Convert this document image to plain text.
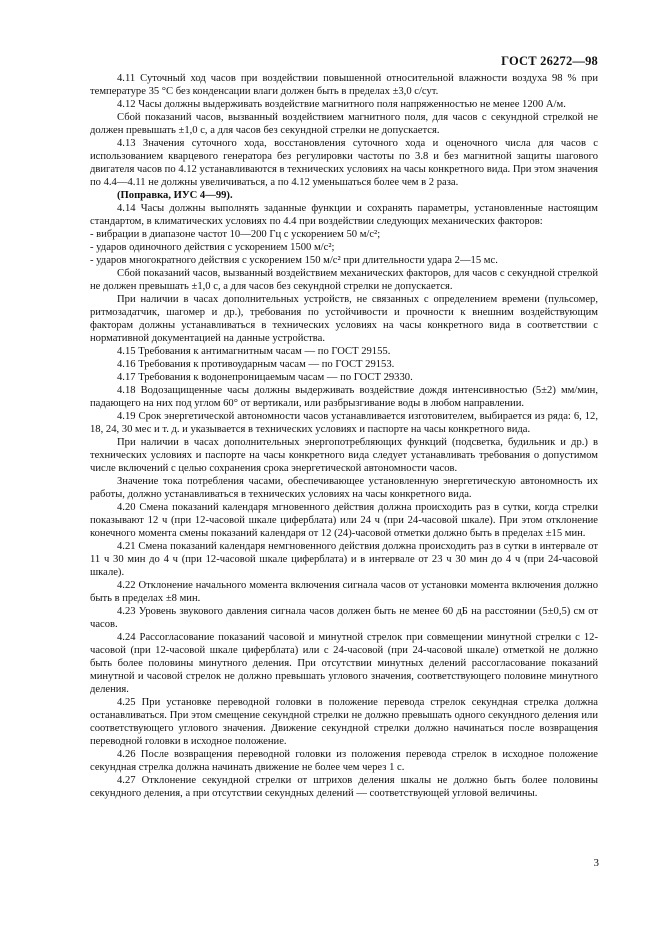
ГОСТ 26272—98

4.11 Суточный ход часов при воздействии повышенной относительной влажности воздуха 98 % при температуре 35 °С без конденсации влаги должен быть в пределах ±3,0 с/сут.

4.12 Часы должны выдерживать воздействие магнитного поля напряженностью не менее 1200 А/м.

Сбой показаний часов, вызванный воздействием магнитного поля, для часов с секундной стрелкой не должен превышать ±1,0 с, а для часов без секундной стрелки не допускается.

4.13 Значения суточного хода, восстановления суточного хода и оценочного числа для часов с использованием кварцевого генератора без регулировки частоты по 3.8 и без магнитной защиты шагового двигателя часов по 4.12 устанавливаются в технических условиях на часы конкретного вида. При этом значения по 4.4—4.11 не должны увеличиваться, а по 4.12 уменьшаться более чем в 2 раза.

(Поправка, ИУС 4—99).

4.14 Часы должны выполнять заданные функции и сохранять параметры, установленные настоящим стандартом, в климатических условиях по 4.4 при воздействии следующих механических факторов:

- вибрации в диапазоне частот 10—200 Гц с ускорением 50 м/с²;

- ударов одиночного действия с ускорением 1500 м/с²;

- ударов многократного действия с ускорением 150 м/с² при длительности удара 2—15 мс.

Сбой показаний часов, вызванный воздействием механических факторов, для часов с секундной стрелкой не должен превышать ±1,0 с, а для часов без секундной стрелки не допускается.

При наличии в часах дополнительных устройств, не связанных с определением времени (пульсомер, ритмозадатчик, шагомер и др.), требования по устойчивости и прочности к внешним воздействующим факторам должны устанавливаться в технических условиях на часы конкретного вида в соответствии с нормативной документацией на данные устройства.

4.15 Требования к антимагнитным часам — по ГОСТ 29155.

4.16 Требования к противоударным часам — по ГОСТ 29153.

4.17 Требования к водонепроницаемым часам — по ГОСТ 29330.

4.18 Водозащищенные часы должны выдерживать воздействие дождя интенсивностью (5±2) мм/мин, падающего на них под углом 60° от вертикали, или разбрызгивание воды в любом направлении.

4.19 Срок энергетической автономности часов устанавливается изготовителем, выбирается из ряда: 6, 12, 18, 24, 30 мес и т. д. и указывается в технических условиях и паспорте на часы конкретного вида.

При наличии в часах дополнительных энергопотребляющих функций (подсветка, будильник и др.) в технических условиях и паспорте на часы конкретного вида следует устанавливать требования о допустимом числе включений с целью сохранения срока энергетической автономности часов.

Значение тока потребления часами, обеспечивающее установленную энергетическую автономность их работы, должно устанавливаться в технических условиях на часы конкретного вида.

4.20 Смена показаний календаря мгновенного действия должна происходить раз в сутки, когда стрелки показывают 12 ч (при 12-часовой шкале циферблата) или 24 ч (при 24-часовой шкале). При этом отклонение конечного момента смены показаний календаря от 12 (24)-часовой отметки должно быть в пределах ±15 мин.

4.21 Смена показаний календаря немгновенного действия должна происходить раз в сутки в интервале от 11 ч 30 мин до 4 ч (при 12-часовой шкале циферблата) и в интервале от 23 ч 30 мин до 4 ч (при 24-часовой шкале).

4.22 Отклонение начального момента включения сигнала часов от установки момента включения должно быть в пределах ±8 мин.

4.23 Уровень звукового давления сигнала часов должен быть не менее 60 дБ на расстоянии (5±0,5) см от часов.

4.24 Рассогласование показаний часовой и минутной стрелок при совмещении минутной стрелки с 12-часовой (при 12-часовой шкале циферблата) или с 24-часовой (при 24-часовой шкале) отметкой не должно быть более половины минутного деления. При отсутствии минутных делений рассогласование показаний минутной и часовой стрелок не должно превышать углового значения, соответствующего половине минутного деления.

4.25 При установке переводной головки в положение перевода стрелок секундная стрелка должна останавливаться. При этом смещение секундной стрелки не должно превышать одного секундного деления или соответствующего углового значения. Движение секундной стрелки должно начинаться после возвращения переводной головки в исходное положение.

4.26 После возвращения переводной головки из положения перевода стрелок в исходное положение секундная стрелка должна начинать движение не более чем через 1 с.

4.27 Отклонение секундной стрелки от штрихов деления шкалы не должно быть более половины секундного деления, а при отсутствии секундных делений — соответствующей угловой величины.

3
